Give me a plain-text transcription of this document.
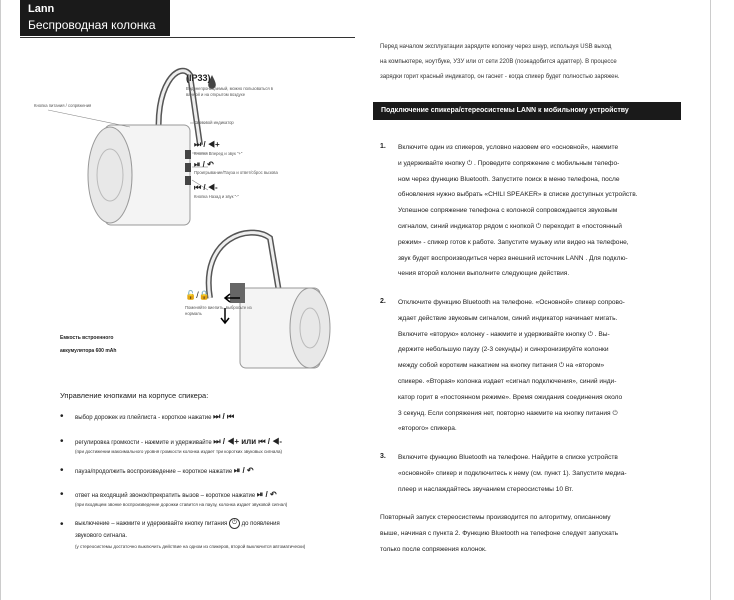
Lann
Беспроводная колонка
(IP33)
Водонепроницаемый, можно пользоваться в ванной и на открытом воздухе
Кнопка питания / сопряжения
Световой индикатор
⏭ / ◀+
Кнопка Вперед и звук "+"
⏯ / ↶
Проигрывание/Пауза и ответ/сброс вызова
⏮ / ◀-
Кнопка Назад и звук "-"
🔓/🔒
Поменяйте виепить, выбросьте из нормаль
Емкость встроенного
аккумулятора 600 mAh
Управление кнопками на корпусе спикера:
• выбор дорожек из плейлиста - короткое нажатие ⏭ / ⏮
• регулировка громкости - нажмите и удерживайте ⏭ / ◀+ или ⏮ / ◀-
(при достижении максимального уровня громкости колонка издает три коротких звуковых сигнала)
• пауза/продолжить воспроизведение – короткое нажатие ⏯ / ↶
• ответ на входящий звонок/прекратить вызов – короткое нажатие ⏯ / ↶
(при входящем звонке воспроизведение дорожки ставится на паузу, колонка издает звуковой сигнал)
• выключение – нажмите и удерживайте кнопку питания ⏻ до появления
звукового сигнала.
(у стереосистемы достаточно выключить действие на одном из спикеров, второй выключится автоматически)
Перед началом эксплуатации зарядите колонку через шнур, используя USB выход
на компьютере, ноутбуке, УЗУ или от сети 220В (поэкадобится адаптер). В процессе
зарядки горит красный индикатор, он гаснет - когда спикер будет полностью заряжен.
Подключение спикера/стереосистемы LANN к мобильному устройству
1. Включите один из спикеров, условно назовем его «основной», нажмите
и удерживайте кнопку ⏻ . Проведите сопряжение с мобильным телефо-
ном через функцию Bluetooth. Запустите поиск в меню телефона, после
обновления нужно выбрать «CHILI SPEAKER» в списке доступных устройств.
Успешное сопряжение телефона с колонкой сопровождается звуковым
сигналом, синий индикатор рядом с кнопкой ⏻ переходит в «постоянный
режим» - спикер готов к работе. Запустите музыку или видео на телефоне,
звук будет воспроизводиться через внешний источник LANN . Для подклю-
чения второй колонки выполните следующие действия.
2. Отключите функцию Bluetooth на телефоне. «Основной» спикер сопрово-
ждает действие звуковым сигналом, синий индикатор начинает мигать.
Включите «вторую» колонку - нажмите и удерживайте кнопку ⏻ . Вы-
держите небольшую паузу (2-3 секунды) и синхронизируйте колонки
между собой коротким нажатием на кнопку питания ⏻ на «втором»
спикере. «Вторая» колонка издает «сигнал подключения», синий инди-
катор горит в «постоянном режиме». Время ожидания соединения около
3 секунд. Если сопряжения нет, повторно нажмите на кнопку питания ⏻
«второго» спикера.
3. Включите функцию Bluetooth на телефоне. Найдите в списке устройств
«основной» спикер и подключитесь к нему (см. пункт 1). Запустите медиа-
плеер и наслаждайтесь звучанием стереосистемы 10 Вт.
Повторный запуск стереосистемы производится по алгоритму, описанному
выше, начиная с пункта 2. Функцию Bluetooth на телефоне следует запускать
только после сопряжения колонок.
